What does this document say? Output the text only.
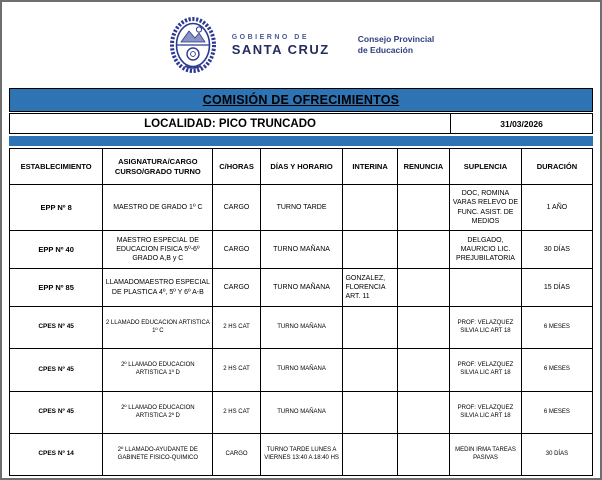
GOBIERNO DE
SANTA CRUZ
Consejo Provincial
de Educación
COMISIÓN DE OFRECIMIENTOS
LOCALIDAD: PICO TRUNCADO	31/03/2026
ESTABLECIMIENTO	ASIGNATURA/CARGO CURSO/GRADO TURNO	C/HORAS	DÍAS Y HORARIO	INTERINA	RENUNCIA	SUPLENCIA	DURACIÓN
EPP Nº 8	MAESTRO DE GRADO 1º C	CARGO	TURNO TARDE			DOC, ROMINA VARAS RELEVO DE FUNC. ASIST. DE MEDIOS	1 AÑO
EPP Nº 40	MAESTRO ESPECIAL DE EDUCACION FISICA 5º-6º GRADO A,B y C	CARGO	TURNO MAÑANA			DELGADO, MAURICIO LIC. PREJUBILATORIA	30 DÍAS
EPP Nº 85	LLAMADOMAESTRO ESPECIAL DE PLASTICA 4º, 5º Y 6º A-B	CARGO	TURNO MAÑANA	GONZALEZ, FLORENCIA ART. 11			15 DÍAS
CPES Nº 45	2 LLAMADO EDUCACION ARTISTICA 1º C	2 HS CAT	TURNO MAÑANA			PROF: VELAZQUEZ SILVIA LIC ART 18	6 MESES
CPES Nº 45	2º LLAMADO EDUCACION ARTISTICA 1º D	2 HS CAT	TURNO MAÑANA			PROF: VELAZQUEZ SILVIA LIC ART 18	6 MESES
CPES Nº 45	2º LLAMADO EDUCACION ARTISTICA 2º D	2 HS CAT	TURNO MAÑANA			PROF: VELAZQUEZ SILVIA LIC ART 18	6 MESES
CPES Nº 14	2º LLAMADO-AYUDANTE DE GABINETE FISICO-QUIMICO	CARGO	TURNO TARDE LUNES A VIERNES 13:40 A 18:40 HS			MEDIN IRMA TAREAS PASIVAS	30 DÍAS
